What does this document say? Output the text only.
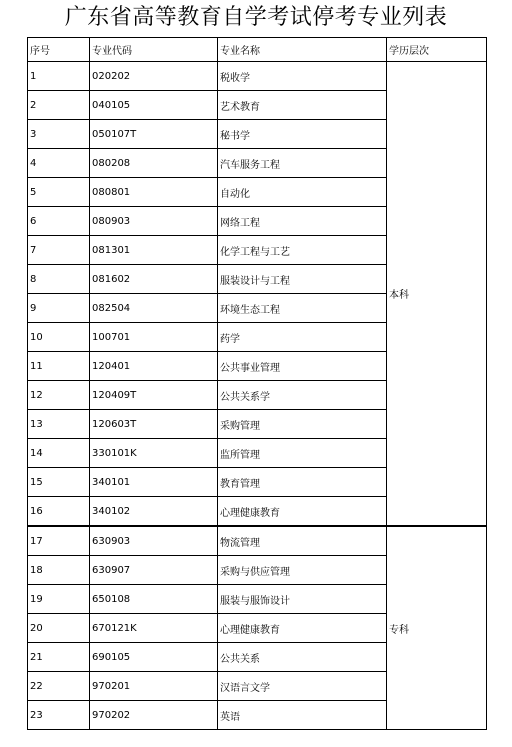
广东省高等教育自学考试停考专业列表
序号	专业代码	专业名称	学历层次
1	020202	税收学	本科
2	040105	艺术教育	
3	050107T	秘书学	
4	080208	汽车服务工程	
5	080801	自动化	
6	080903	网络工程	
7	081301	化学工程与工艺	
8	081602	服装设计与工程	
9	082504	环境生态工程	
10	100701	药学	
11	120401	公共事业管理	
12	120409T	公共关系学	
13	120603T	采购管理	
14	330101K	监所管理	
15	340101	教育管理	
16	340102	心理健康教育	
17	630903	物流管理	专科
18	630907	采购与供应管理	
19	650108	服装与服饰设计	
20	670121K	心理健康教育	
21	690105	公共关系	
22	970201	汉语言文学	
23	970202	英语	
